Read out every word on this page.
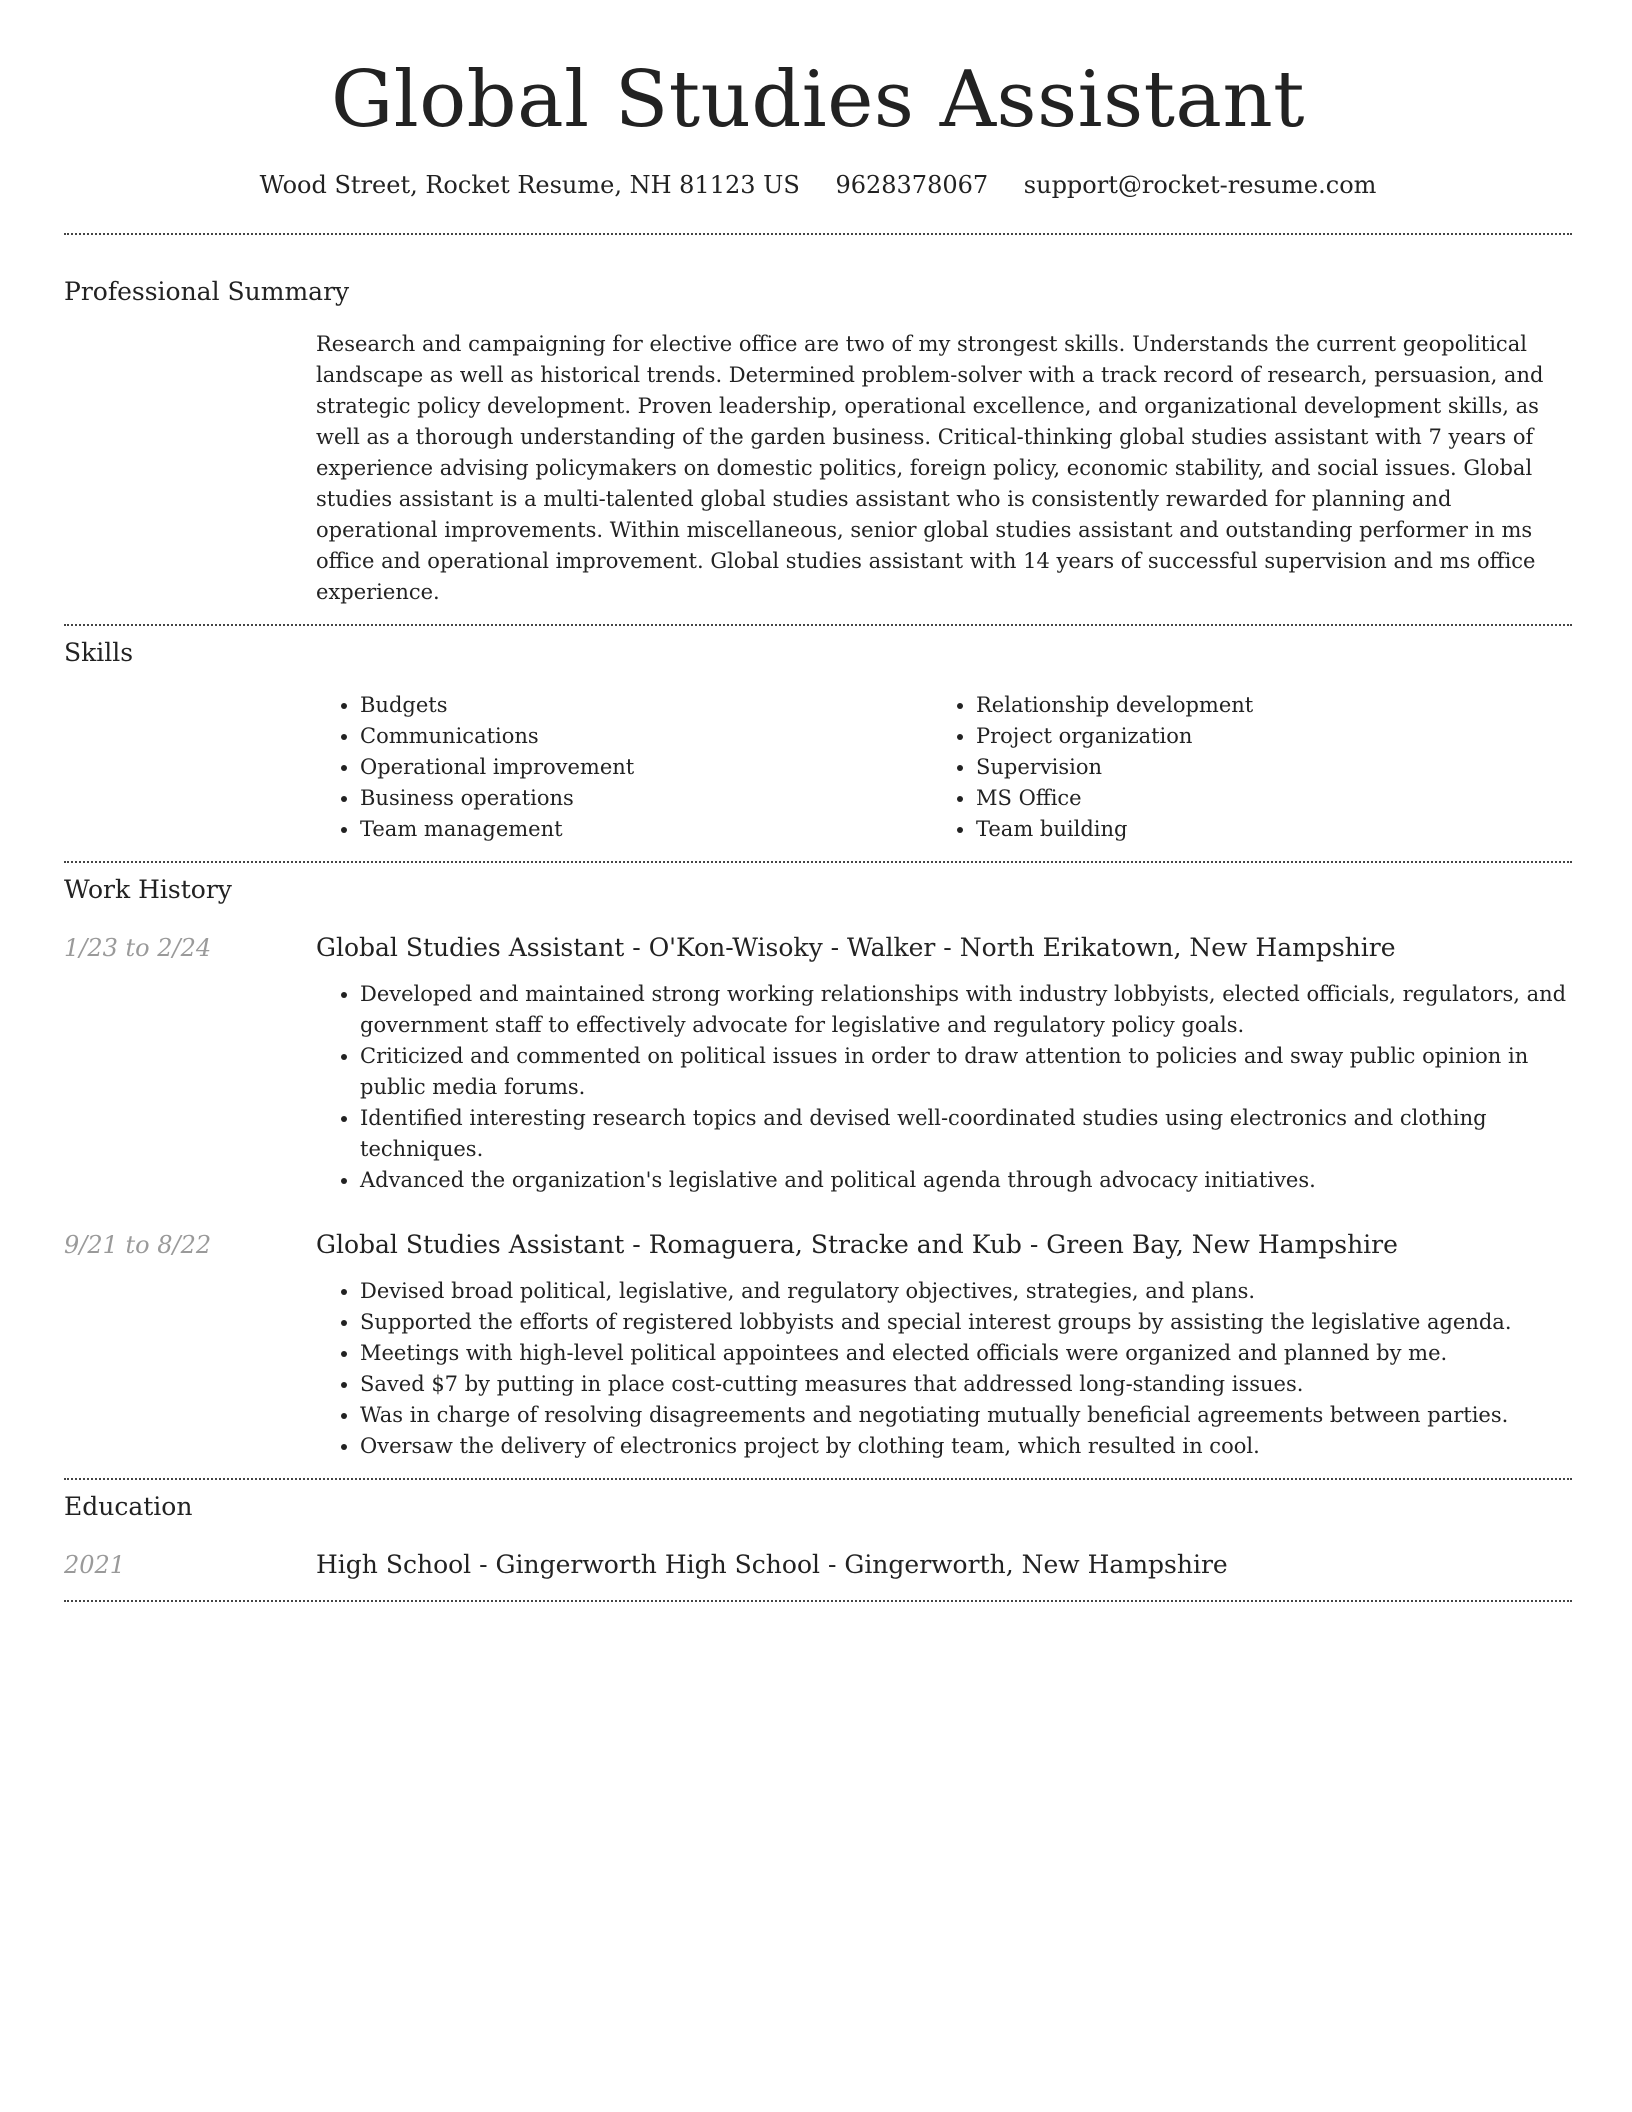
Global Studies Assistant
Wood Street, Rocket Resume, NH 81123 US 9628378067 support@rocket-resume.com
Professional Summary

Research and campaigning for elective office are two of my strongest skills. Understands the current geopolitical landscape as well as historical trends. Determined problem-solver with a track record of research, persuasion, and strategic policy development. Proven leadership, operational excellence, and organizational development skills, as well as a thorough understanding of the garden business. Critical-thinking global studies assistant with 7 years of experience advising policymakers on domestic politics, foreign policy, economic stability, and social issues. Global studies assistant is a multi-talented global studies assistant who is consistently rewarded for planning and operational improvements. Within miscellaneous, senior global studies assistant and outstanding performer in ms office and operational improvement. Global studies assistant with 14 years of successful supervision and ms office experience.

Skills
• Budgets
• Communications
• Operational improvement
• Business operations
• Team management
• Relationship development
• Project organization
• Supervision
• MS Office
• Team building
Work History
1/23 to 2/24	Global Studies Assistant - O'Kon-Wisoky - Walker - North Erikatown, New Hampshire
• Developed and maintained strong working relationships with industry lobbyists, elected officials, regulators, and government staff to effectively advocate for legislative and regulatory policy goals.
• Criticized and commented on political issues in order to draw attention to policies and sway public opinion in public media forums.
• Identified interesting research topics and devised well-coordinated studies using electronics and clothing techniques.
• Advanced the organization's legislative and political agenda through advocacy initiatives.
9/21 to 8/22	Global Studies Assistant - Romaguera, Stracke and Kub - Green Bay, New Hampshire
• Devised broad political, legislative, and regulatory objectives, strategies, and plans.
• Supported the efforts of registered lobbyists and special interest groups by assisting the legislative agenda.
• Meetings with high-level political appointees and elected officials were organized and planned by me.
• Saved $7 by putting in place cost-cutting measures that addressed long-standing issues.
• Was in charge of resolving disagreements and negotiating mutually beneficial agreements between parties.
• Oversaw the delivery of electronics project by clothing team, which resulted in cool.
Education
2021	High School - Gingerworth High School - Gingerworth, New Hampshire
